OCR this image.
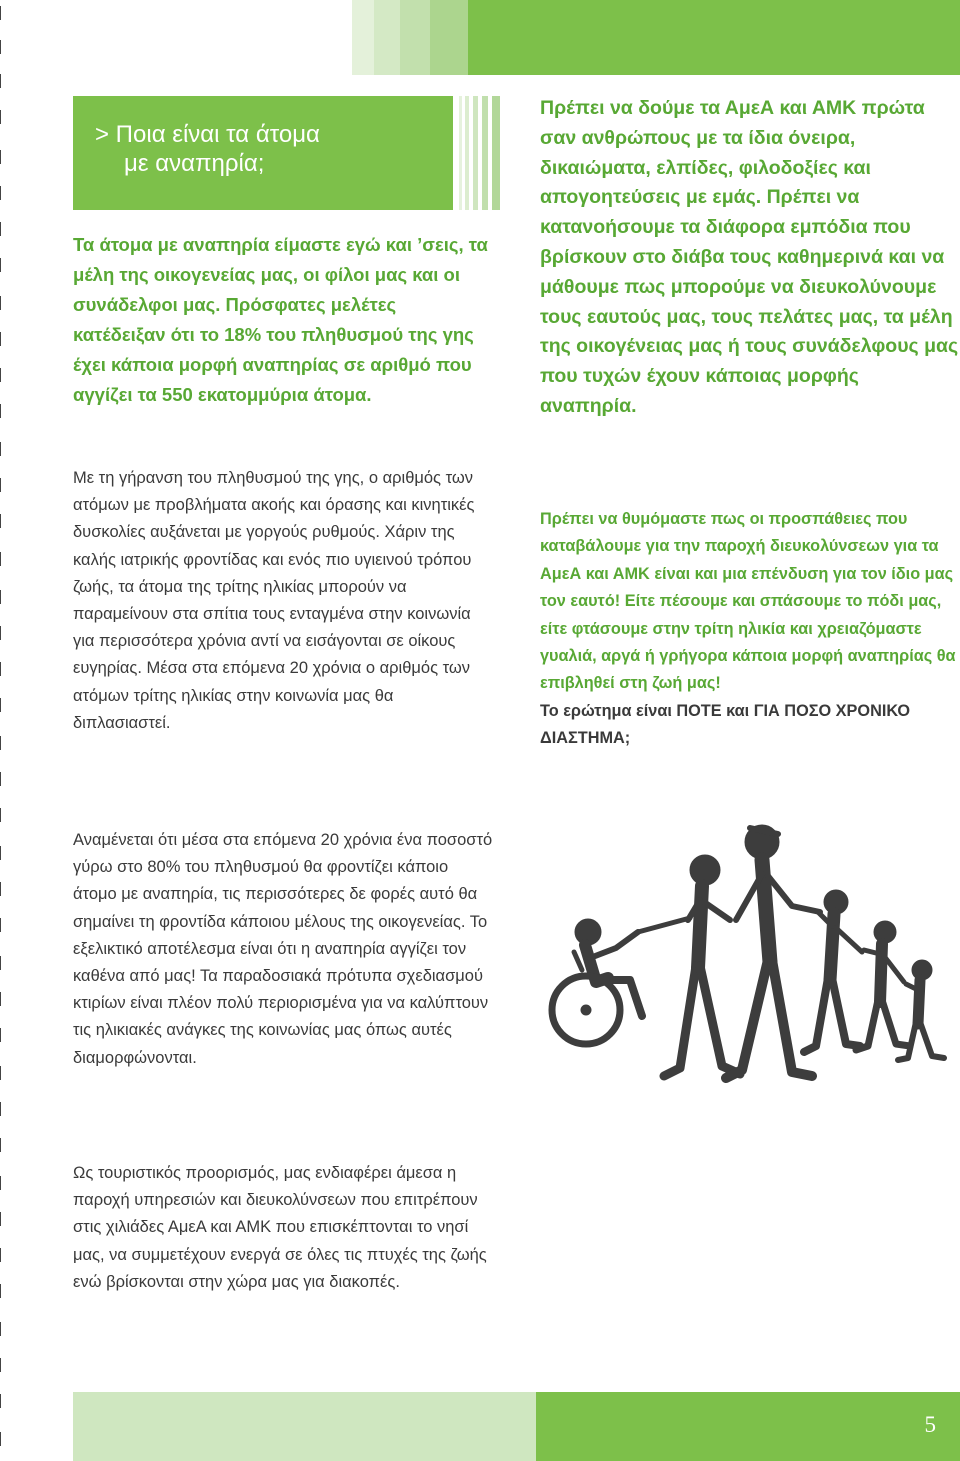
> Ποια είναι τα άτομα
με αναπηρία;

Τα άτομα με αναπηρία είμαστε εγώ και ’σεις, τα μέλη της οικογενείας μας, οι φίλοι μας και οι συνάδελφοι μας. Πρόσφατες μελέτες κατέδειξαν ότι το 18% του πληθυσμού της γης έχει κάποια μορφή αναπηρίας σε αριθμό που αγγίζει τα 550 εκατομμύρια άτομα.

Με τη γήρανση του πληθυσμού της γης, ο αριθμός των ατόμων με προβλήματα ακοής και όρασης και κινητικές δυσκολίες αυξάνεται με γοργούς ρυθμούς. Χάριν της καλής ιατρικής φροντίδας και ενός πιο υγιεινού τρόπου ζωής, τα άτομα της τρίτης ηλικίας μπορούν να παραμείνουν στα σπίτια τους ενταγμένα στην κοινωνία για περισσότερα χρόνια αντί να εισάγονται σε οίκους ευγηρίας. Μέσα στα επόμενα 20 χρόνια ο αριθμός των ατόμων τρίτης ηλικίας στην κοινωνία μας θα διπλασιαστεί.

Αναμένεται ότι μέσα στα επόμενα 20 χρόνια ένα ποσοστό γύρω στο 80% του πληθυσμού θα φροντίζει κάποιο άτομο με αναπηρία, τις περισσότερες δε φορές αυτό θα σημαίνει τη φροντίδα κάποιου μέλους της οικογενείας. Το εξελικτικό αποτέλεσμα είναι ότι η αναπηρία αγγίζει τον καθένα από μας! Τα παραδοσιακά πρότυπα σχεδιασμού κτιρίων είναι πλέον πολύ περιορισμένα για να καλύπτουν τις ηλικιακές ανάγκες της κοινωνίας μας όπως αυτές διαμορφώνονται.

Ως τουριστικός προορισμός, μας ενδιαφέρει άμεσα η παροχή υπηρεσιών και διευκολύνσεων που επιτρέπουν στις χιλιάδες ΑμεΑ και ΑΜΚ που επισκέπτονται το νησί μας, να συμμετέχουν ενεργά σε όλες τις πτυχές της ζωής ενώ βρίσκονται στην χώρα μας για διακοπές.

Πρέπει να δούμε τα ΑμεΑ και ΑΜΚ πρώτα σαν ανθρώπους με τα ίδια όνειρα, δικαιώματα, ελπίδες, φιλοδοξίες και απογοητεύσεις με εμάς. Πρέπει να κατανοήσουμε τα διάφορα εμπόδια που βρίσκουν στο διάβα τους καθημερινά και να μάθουμε πως μπορούμε να διευκολύνουμε τους εαυτούς μας, τους πελάτες μας, τα μέλη της οικογένειας μας ή τους συνάδελφους μας που τυχών έχουν κάποιας μορφής αναπηρία.

Πρέπει να θυμόμαστε πως οι προσπάθειες που καταβάλουμε για την παροχή διευκολύνσεων για τα ΑμεΑ και ΑΜΚ είναι και μια επένδυση για τον ίδιο μας τον εαυτό! Είτε πέσουμε και σπάσουμε το πόδι μας, είτε φτάσουμε στην τρίτη ηλικία και χρειαζόμαστε γυαλιά, αργά ή γρήγορα κάποια μορφή αναπηρίας θα επιβληθεί στη ζωή μας!
Το ερώτημα είναι ΠΟΤΕ και ΓΙΑ ΠΟΣΟ ΧΡΟΝΙΚΟ ΔΙΑΣΤΗΜΑ;

5
